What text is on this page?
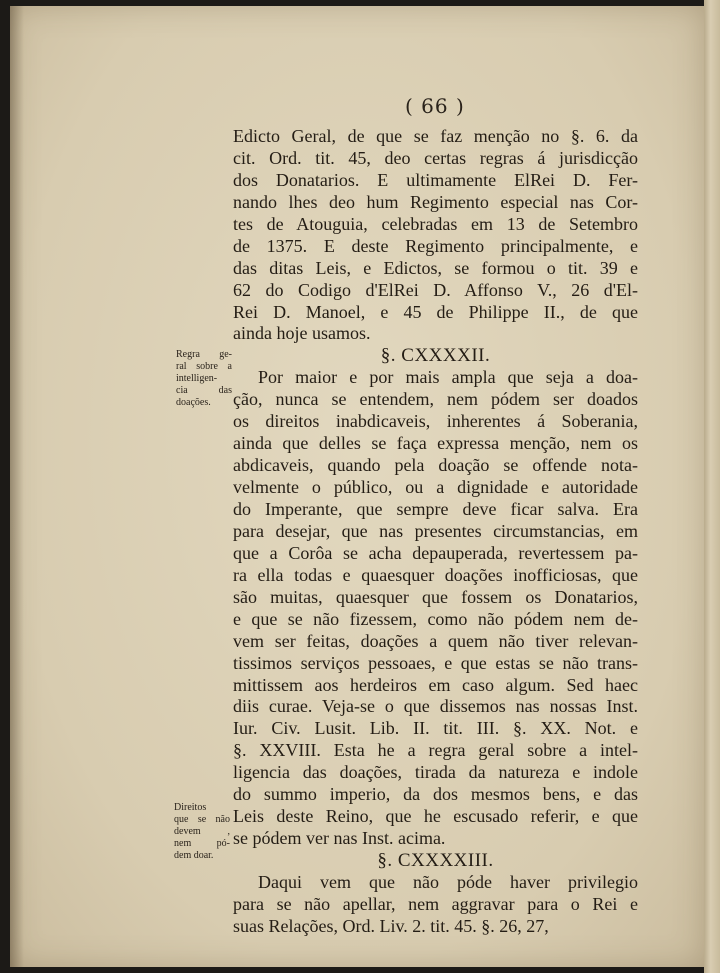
( 66 )
Regra ge-
ral sobre a
intelligen-
cia das
doações.
Direitos
que se não
devem ,
nem pó-
dem doar.
Edicto Geral, de que se faz menção no §. 6. da
cit. Ord. tit. 45, deo certas regras á jurisdicção
dos Donatarios. E ultimamente ElRei D. Fer-
nando lhes deo hum Regimento especial nas Cor-
tes de Atouguia, celebradas em 13 de Setembro
de 1375. E deste Regimento principalmente, e
das ditas Leis, e Edictos, se formou o tit. 39 e
62 do Codigo d'ElRei D. Affonso V., 26 d'El-
Rei D. Manoel, e 45 de Philippe II., de que
ainda hoje usamos.
§. CXXXXII.
Por maior e por mais ampla que seja a doa-
ção, nunca se entendem, nem pódem ser doados
os direitos inabdicaveis, inherentes á Soberania,
ainda que delles se faça expressa menção, nem os
abdicaveis, quando pela doação se offende nota-
velmente o público, ou a dignidade e autoridade
do Imperante, que sempre deve ficar salva. Era
para desejar, que nas presentes circumstancias, em
que a Corôa se acha depauperada, revertessem pa-
ra ella todas e quaesquer doações inofficiosas, que
são muitas, quaesquer que fossem os Donatarios,
e que se não fizessem, como não pódem nem de-
vem ser feitas, doações a quem não tiver relevan-
tissimos serviços pessoaes, e que estas se não trans-
mittissem aos herdeiros em caso algum. Sed haec
diis curae. Veja-se o que dissemos nas nossas Inst.
Iur. Civ. Lusit. Lib. II. tit. III. §. XX. Not. e
§. XXVIII. Esta he a regra geral sobre a intel-
ligencia das doações, tirada da natureza e indole
do summo imperio, da dos mesmos bens, e das
Leis deste Reino, que he escusado referir, e que
se pódem ver nas Inst. acima.
§. CXXXXIII.
Daqui vem que não póde haver privilegio
para se não apellar, nem aggravar para o Rei e
suas Relações, Ord. Liv. 2. tit. 45. §. 26, 27,
